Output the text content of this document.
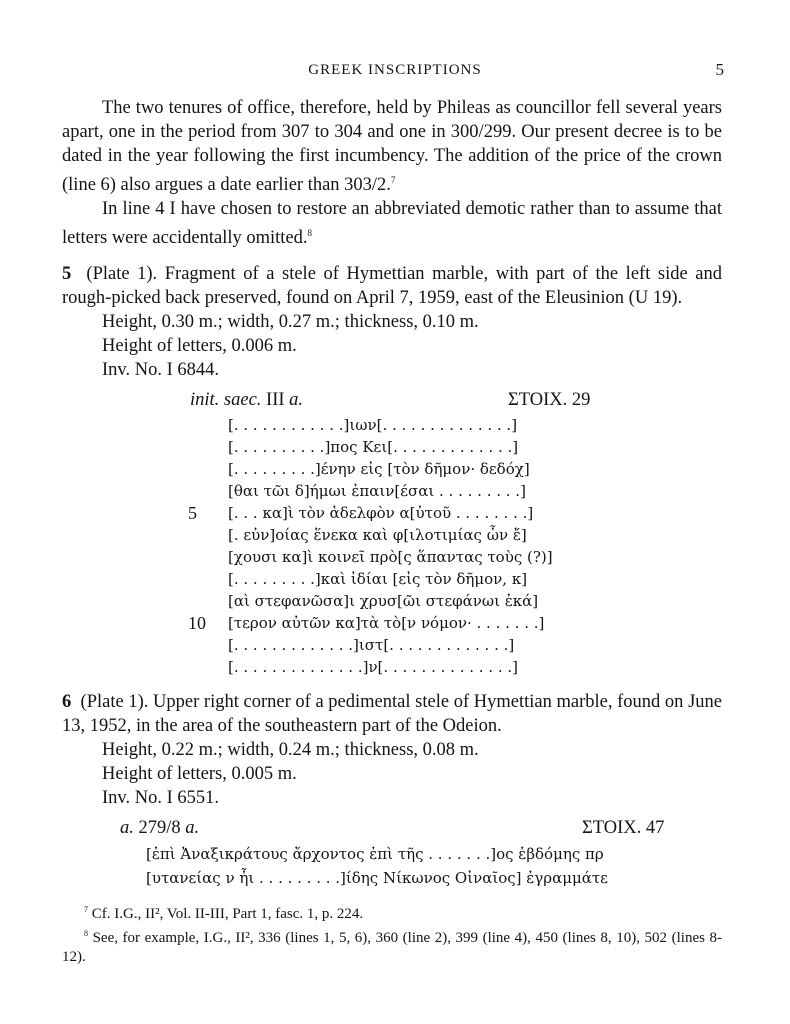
GREEK INSCRIPTIONS	5

The two tenures of office, therefore, held by Phileas as councillor fell several years apart, one in the period from 307 to 304 and one in 300/299. Our present decree is to be dated in the year following the first incumbency. The addition of the price of the crown (line 6) also argues a date earlier than 303/2.$^7$

In line 4 I have chosen to restore an abbreviated demotic rather than to assume that letters were accidentally omitted.$^8$

5 (Plate 1). Fragment of a stele of Hymettian marble, with part of the left side and rough-picked back preserved, found on April 7, 1959, east of the Eleusinion (U 19).

Height, 0.30 m.; width, 0.27 m.; thickness, 0.10 m.
Height of letters, 0.006 m.
Inv. No. I 6844.
init. saec. III a.	ΣΤΟΙΧ. 29
[. . . . . . . . . . . .]ιων[. . . . . . . . . . . . . .]
[. . . . . . . . . .]πος Κει[. . . . . . . . . . . . .]
[. . . . . . . . .]ένην εἰς [τὸν δῆμον· δεδόχ]
[θαι τῶι δ]ήμωι ἐπαιν[έσαι . . . . . . . . .]
5 [. . . κα]ὶ τὸν ἀδελφὸν α[ὐτοῦ . . . . . . . .]
[. εὐν]οίας ἕνεκα καὶ φ[ιλοτιμίας ὧν ἔ]
[χουσι κα]ὶ κοινεῖ πρὸ[ς ἅπαντας τοὺς (?)]
[. . . . . . . . .]καὶ ἰδίαι [εἰς τὸν δῆμον, κ]
[αὶ στεφανῶσα]ι χρυσ[ῶι στεφάνωι ἐκά]
10 [τερον αὐτῶν κα]τὰ τὸ[ν νόμον· . . . . . . .]
[. . . . . . . . . . . . .]ιστ[. . . . . . . . . . . . .]
[. . . . . . . . . . . . . .]ν[. . . . . . . . . . . . . .]

6 (Plate 1). Upper right corner of a pedimental stele of Hymettian marble, found on June 13, 1952, in the area of the southeastern part of the Odeion.

Height, 0.22 m.; width, 0.24 m.; thickness, 0.08 m.
Height of letters, 0.005 m.
Inv. No. I 6551.
a. 279/8 a.	ΣΤΟΙΧ. 47
[ἐπὶ Ἀναξικράτους ἄρχοντος ἐπὶ τῆς . . . . . . .]ος ἑβδόμης πρ
[υτανείας ν ἧι . . . . . . . . .]ίδης Νίκωνος Οἰναῖος] ἐγραμμάτε

$^7$ Cf. I.G., II², Vol. II-III, Part 1, fasc. 1, p. 224.

$^8$ See, for example, I.G., II², 336 (lines 1, 5, 6), 360 (line 2), 399 (line 4), 450 (lines 8, 10), 502 (lines 8-12).
